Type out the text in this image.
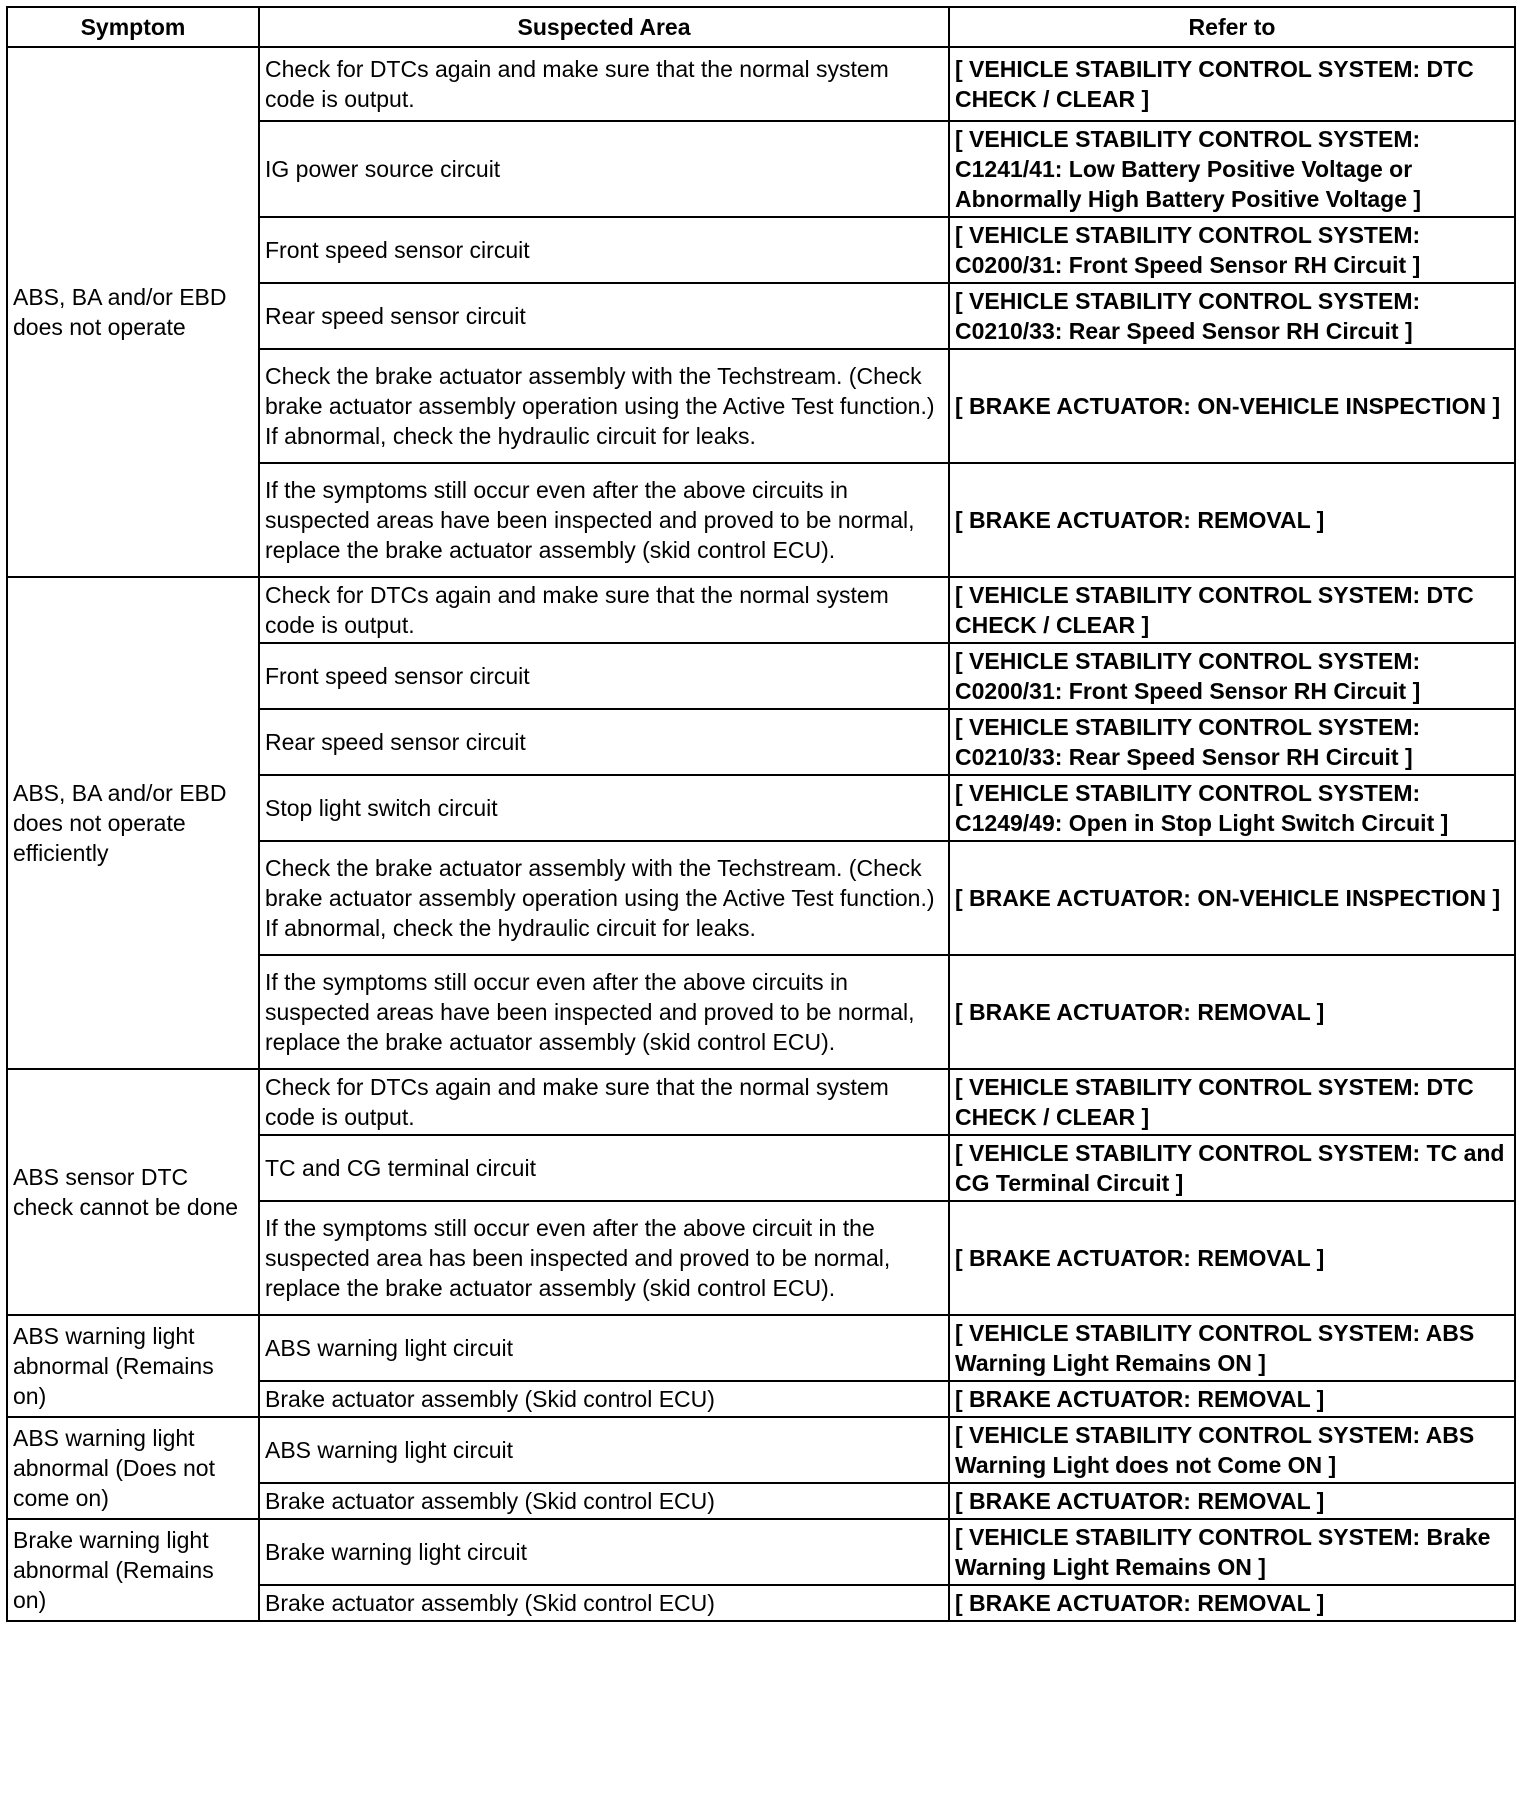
Symptom	Suspected Area	Refer to
ABS, BA and/or EBD does not operate	Check for DTCs again and make sure that the normal system code is output.	[ VEHICLE STABILITY CONTROL SYSTEM: DTC CHECK / CLEAR ]
	IG power source circuit	[ VEHICLE STABILITY CONTROL SYSTEM: C1241/41: Low Battery Positive Voltage or Abnormally High Battery Positive Voltage ]
	Front speed sensor circuit	[ VEHICLE STABILITY CONTROL SYSTEM: C0200/31: Front Speed Sensor RH Circuit ]
	Rear speed sensor circuit	[ VEHICLE STABILITY CONTROL SYSTEM: C0210/33: Rear Speed Sensor RH Circuit ]
	Check the brake actuator assembly with the Techstream. (Check brake actuator assembly operation using the Active Test function.) If abnormal, check the hydraulic circuit for leaks.	[ BRAKE ACTUATOR: ON-VEHICLE INSPECTION ]
	If the symptoms still occur even after the above circuits in suspected areas have been inspected and proved to be normal, replace the brake actuator assembly (skid control ECU).	[ BRAKE ACTUATOR: REMOVAL ]
ABS, BA and/or EBD does not operate efficiently	Check for DTCs again and make sure that the normal system code is output.	[ VEHICLE STABILITY CONTROL SYSTEM: DTC CHECK / CLEAR ]
	Front speed sensor circuit	[ VEHICLE STABILITY CONTROL SYSTEM: C0200/31: Front Speed Sensor RH Circuit ]
	Rear speed sensor circuit	[ VEHICLE STABILITY CONTROL SYSTEM: C0210/33: Rear Speed Sensor RH Circuit ]
	Stop light switch circuit	[ VEHICLE STABILITY CONTROL SYSTEM: C1249/49: Open in Stop Light Switch Circuit ]
	Check the brake actuator assembly with the Techstream. (Check brake actuator assembly operation using the Active Test function.) If abnormal, check the hydraulic circuit for leaks.	[ BRAKE ACTUATOR: ON-VEHICLE INSPECTION ]
	If the symptoms still occur even after the above circuits in suspected areas have been inspected and proved to be normal, replace the brake actuator assembly (skid control ECU).	[ BRAKE ACTUATOR: REMOVAL ]
ABS sensor DTC check cannot be done	Check for DTCs again and make sure that the normal system code is output.	[ VEHICLE STABILITY CONTROL SYSTEM: DTC CHECK / CLEAR ]
	TC and CG terminal circuit	[ VEHICLE STABILITY CONTROL SYSTEM: TC and CG Terminal Circuit ]
	If the symptoms still occur even after the above circuit in the suspected area has been inspected and proved to be normal, replace the brake actuator assembly (skid control ECU).	[ BRAKE ACTUATOR: REMOVAL ]
ABS warning light abnormal (Remains on)	ABS warning light circuit	[ VEHICLE STABILITY CONTROL SYSTEM: ABS Warning Light Remains ON ]
	Brake actuator assembly (Skid control ECU)	[ BRAKE ACTUATOR: REMOVAL ]
ABS warning light abnormal (Does not come on)	ABS warning light circuit	[ VEHICLE STABILITY CONTROL SYSTEM: ABS Warning Light does not Come ON ]
	Brake actuator assembly (Skid control ECU)	[ BRAKE ACTUATOR: REMOVAL ]
Brake warning light abnormal (Remains on)	Brake warning light circuit	[ VEHICLE STABILITY CONTROL SYSTEM: Brake Warning Light Remains ON ]
	Brake actuator assembly (Skid control ECU)	[ BRAKE ACTUATOR: REMOVAL ]
